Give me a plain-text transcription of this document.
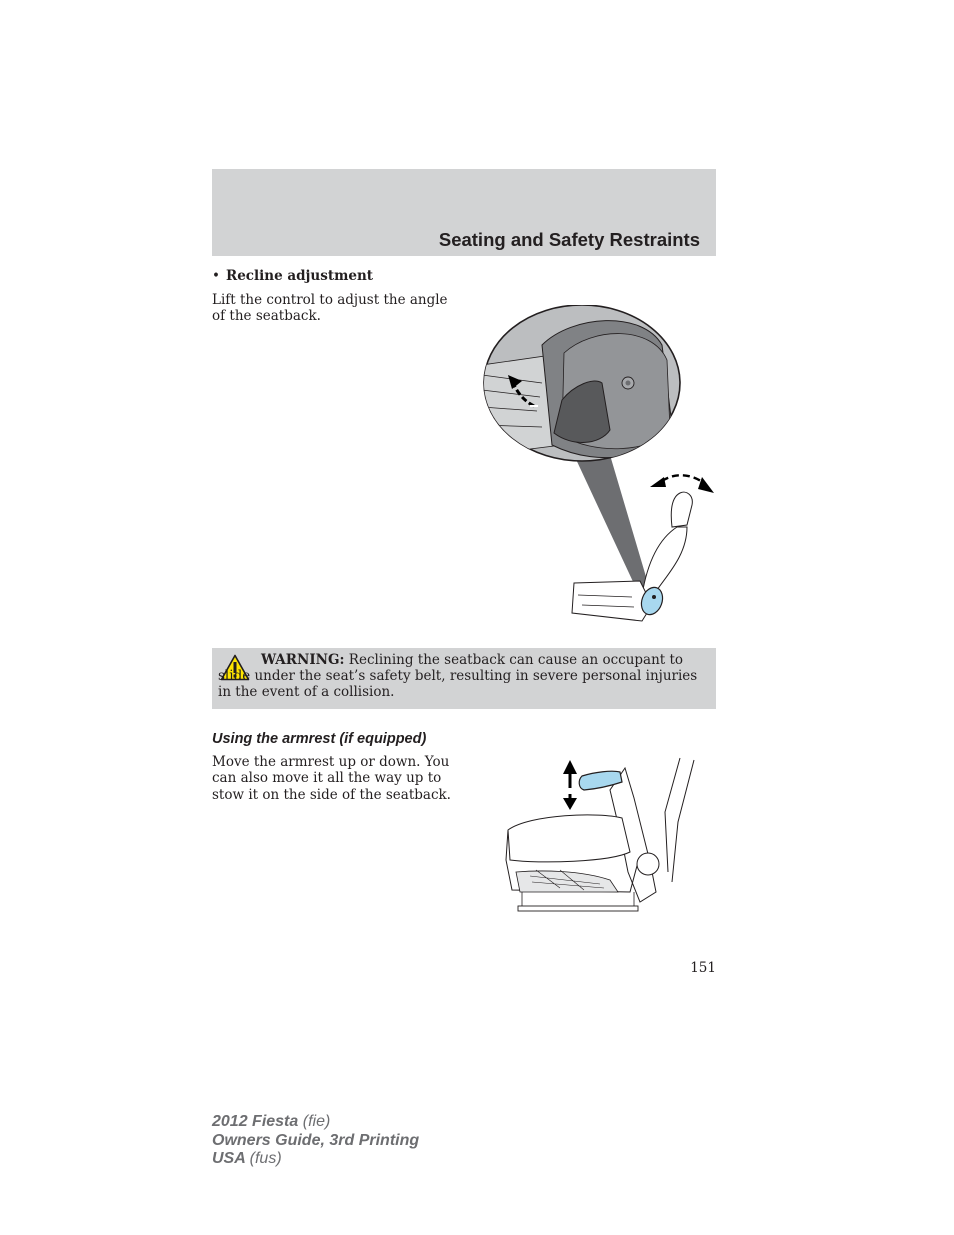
Seating and Safety Restraints
• Recline adjustment

Lift the control to adjust the angle of the seatback.

WARNING: Reclining the seatback can cause an occupant to slide under the seat’s safety belt, resulting in severe personal injuries in the event of a collision.

Using the armrest (if equipped)

Move the armrest up or down. You can also move it all the way up to stow it on the side of the seatback.

151
2012 Fiesta (fie)
Owners Guide, 3rd Printing
USA (fus)
